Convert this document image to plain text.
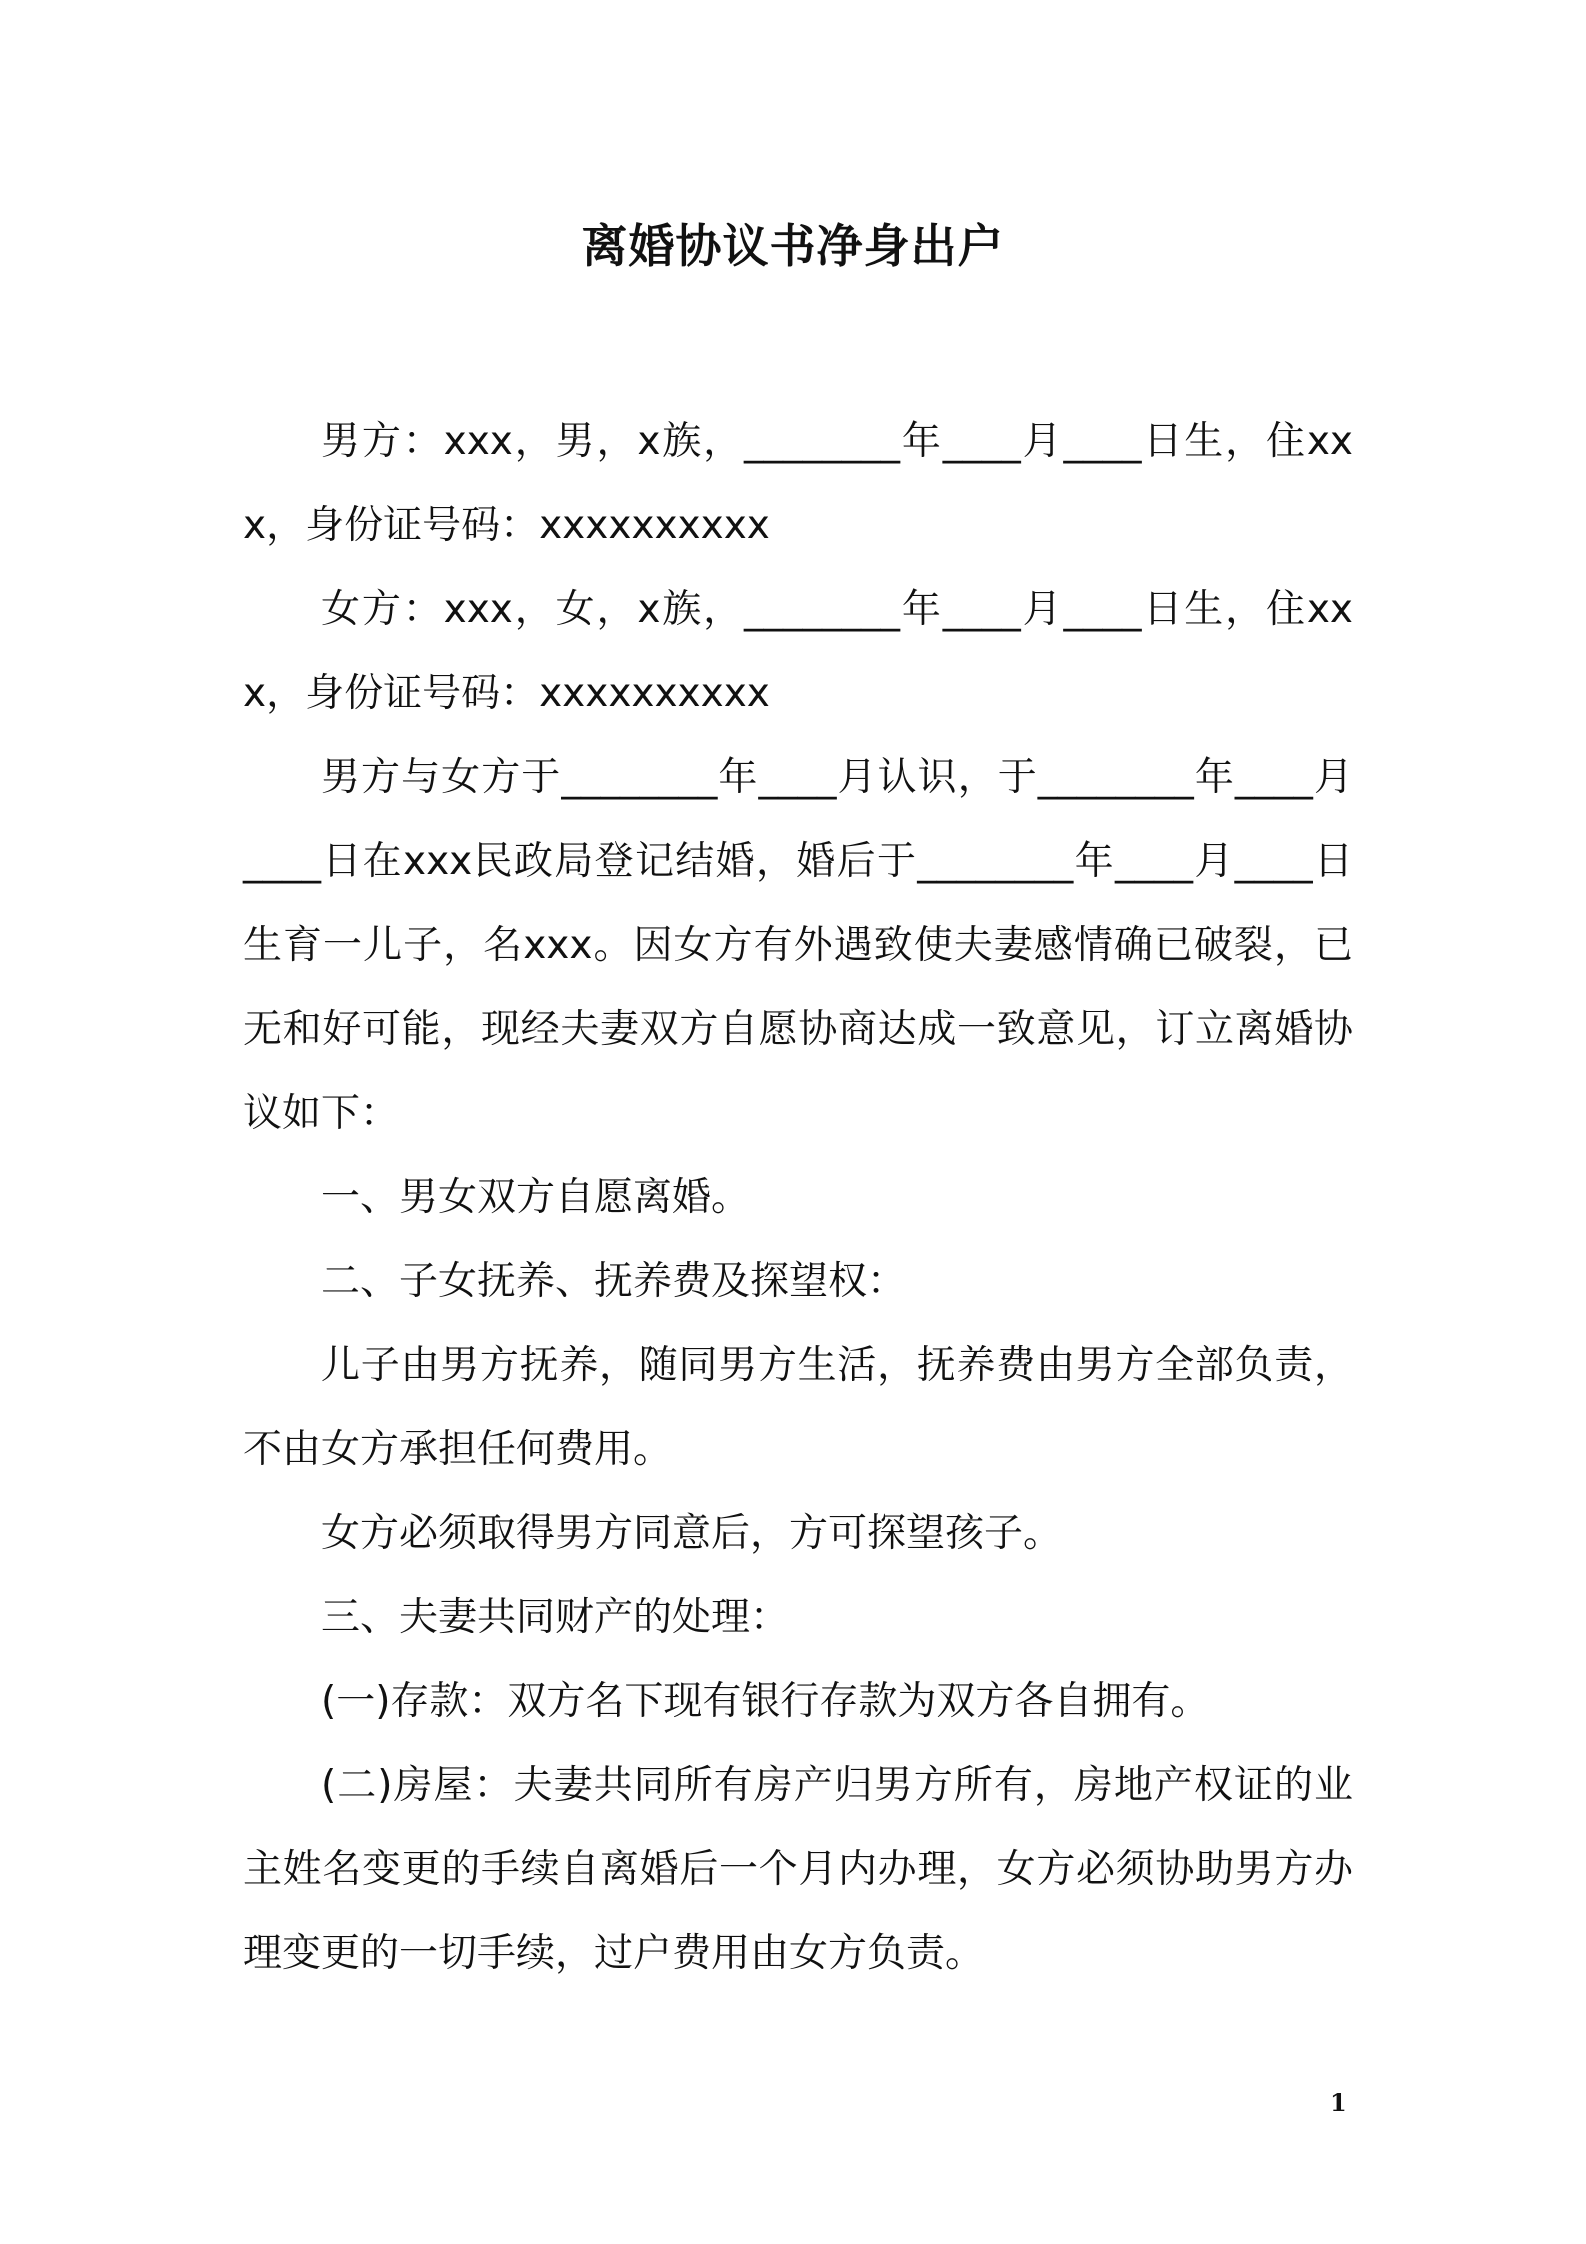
离婚协议书净身出户

男方：xxx，男，x族，________年____月____日生，住xxx，身份证号码：xxxxxxxxxx

女方：xxx，女，x族，________年____月____日生，住xxx，身份证号码：xxxxxxxxxx

男方与女方于________年____月认识，于________年____月____日在xxx民政局登记结婚，婚后于________年____月____日生育一儿子，名xxx。因女方有外遇致使夫妻感情确已破裂，已无和好可能，现经夫妻双方自愿协商达成一致意见，订立离婚协议如下：

一、男女双方自愿离婚。

二、子女抚养、抚养费及探望权：

儿子由男方抚养，随同男方生活，抚养费由男方全部负责，不由女方承担任何费用。

女方必须取得男方同意后，方可探望孩子。

三、夫妻共同财产的处理：

(一)存款：双方名下现有银行存款为双方各自拥有。

(二)房屋：夫妻共同所有房产归男方所有，房地产权证的业主姓名变更的手续自离婚后一个月内办理，女方必须协助男方办理变更的一切手续，过户费用由女方负责。

1
